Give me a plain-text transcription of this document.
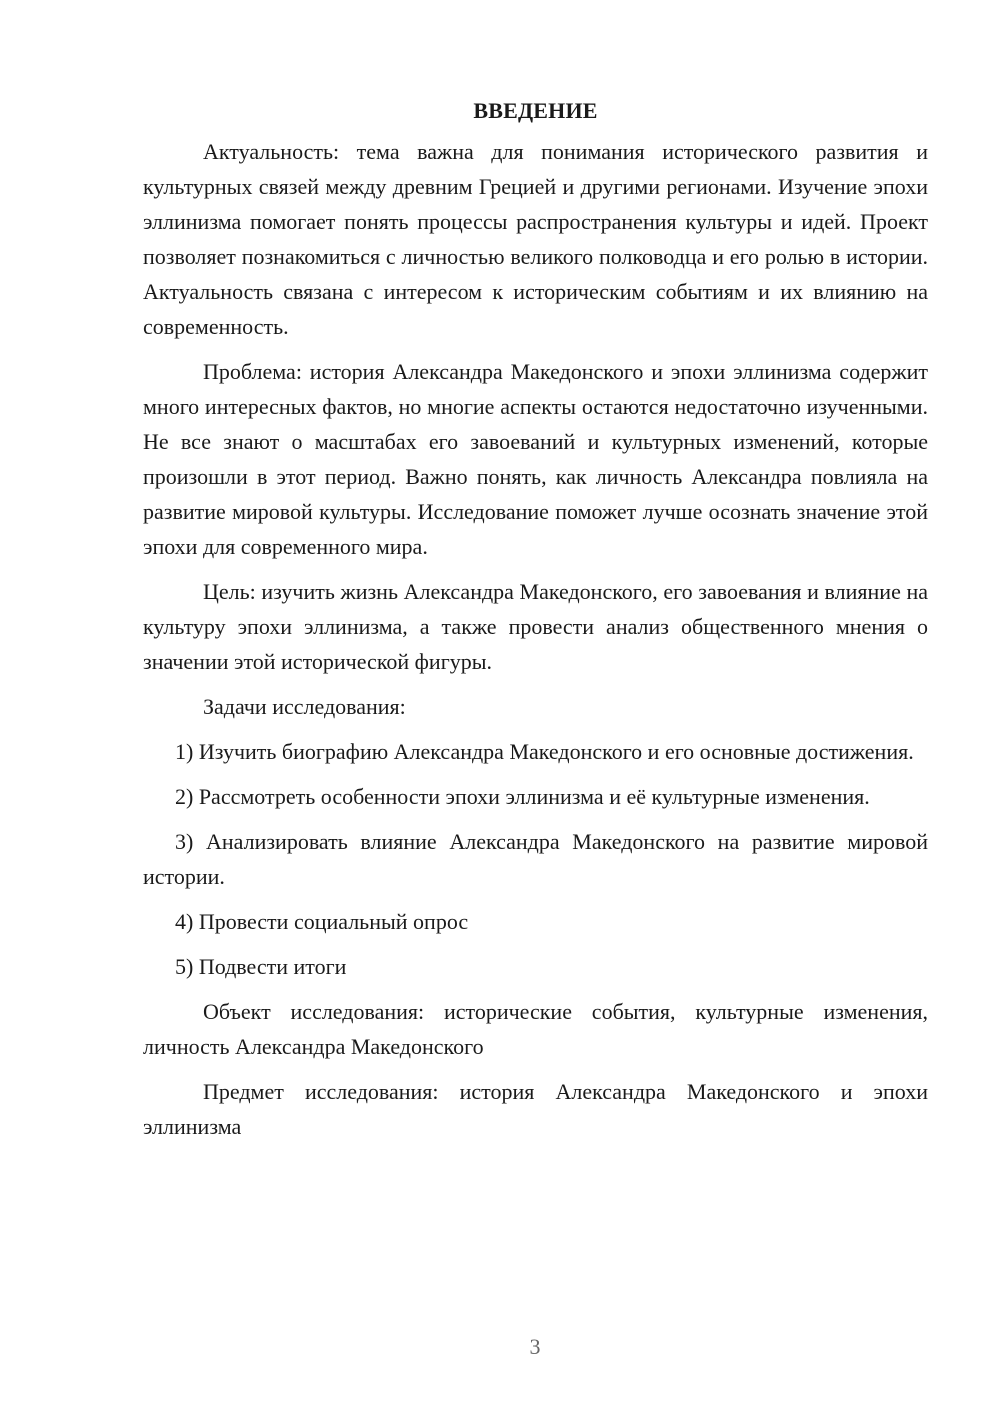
ВВЕДЕНИЕ

Актуальность: тема важна для понимания исторического развития и культурных связей между древним Грецией и другими регионами. Изучение эпохи эллинизма помогает понять процессы распространения культуры и идей. Проект позволяет познакомиться с личностью великого полководца и его ролью в истории. Актуальность связана с интересом к историческим событиям и их влиянию на современность.

Проблема: история Александра Македонского и эпохи эллинизма содержит много интересных фактов, но многие аспекты остаются недостаточно изученными. Не все знают о масштабах его завоеваний и культурных изменений, которые произошли в этот период. Важно понять, как личность Александра повлияла на развитие мировой культуры. Исследование поможет лучше осознать значение этой эпохи для современного мира.

Цель: изучить жизнь Александра Македонского, его завоевания и влияние на культуру эпохи эллинизма, а также провести анализ общественного мнения о значении этой исторической фигуры.

Задачи исследования:

1) Изучить биографию Александра Македонского и его основные достижения.

2) Рассмотреть особенности эпохи эллинизма и её культурные изменения.

3) Анализировать влияние Александра Македонского на развитие мировой истории.

4) Провести социальный опрос

5) Подвести итоги

Объект исследования: исторические события, культурные изменения, личность Александра Македонского

Предмет исследования: история Александра Македонского и эпохи эллинизма

3
